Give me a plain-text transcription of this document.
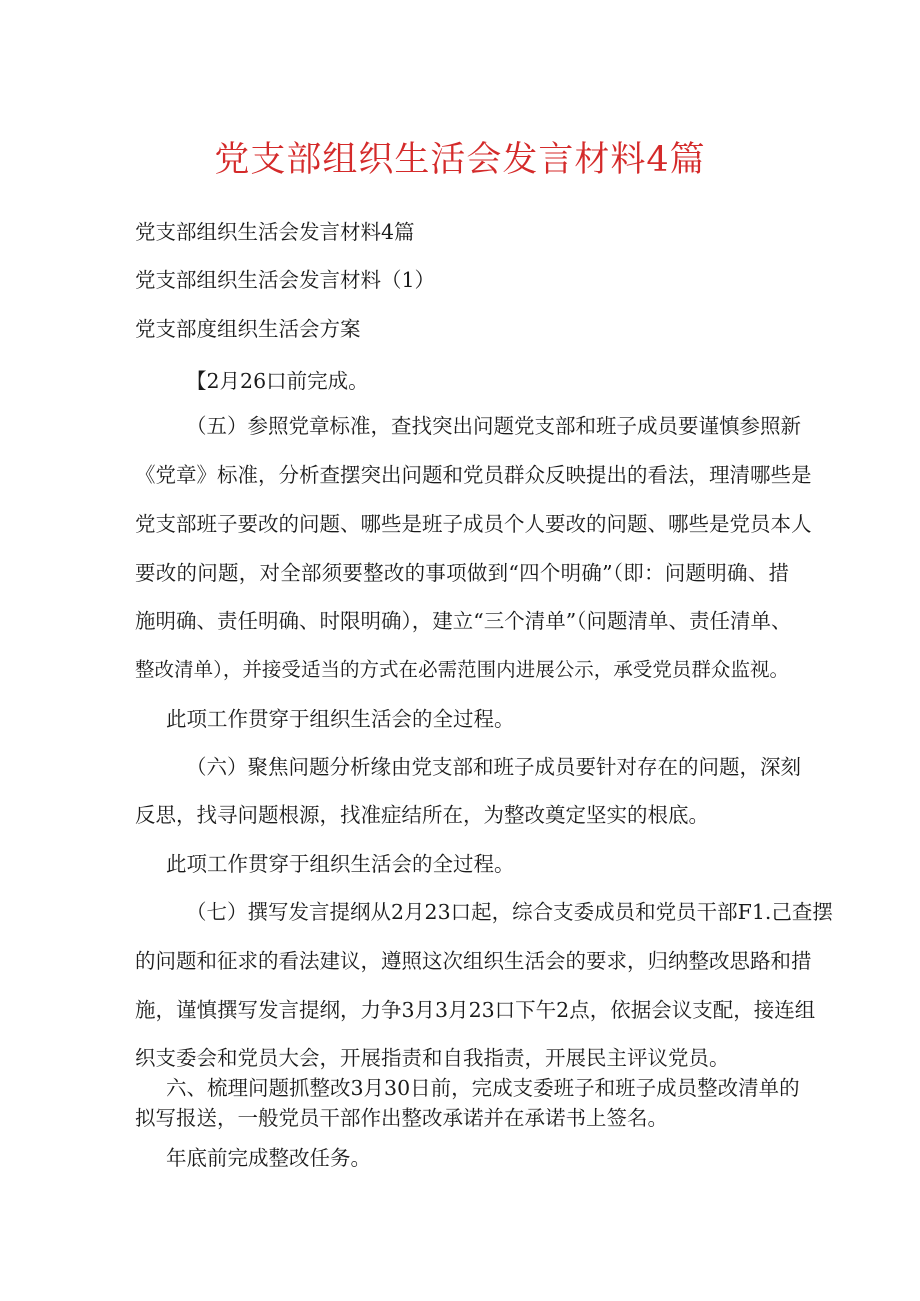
党支部组织生活会发言材料4篇
党支部组织生活会发言材料4篇
党支部组织生活会发言材料（1）
党支部度组织生活会方案
【2月26口前完成。
（五）参照党章标准，查找突出问题党支部和班子成员要谨慎参照新
《党章》标准，分析查摆突出问题和党员群众反映提出的看法，理清哪些是
党支部班子要改的问题、哪些是班子成员个人要改的问题、哪些是党员本人
要改的问题，对全部须要整改的事项做到“四个明确”（即：问题明确、措
施明确、责任明确、时限明确），建立“三个清单”（问题清单、责任清单、
整改清单），并接受适当的方式在必需范围内进展公示，承受党员群众监视。
此项工作贯穿于组织生活会的全过程。
（六）聚焦问题分析缘由党支部和班子成员要针对存在的问题，深刻
反思，找寻问题根源，找准症结所在，为整改奠定坚实的根底。
此项工作贯穿于组织生活会的全过程。
（七）撰写发言提纲从2月23口起，综合支委成员和党员干部F1.己查摆
的问题和征求的看法建议，遵照这次组织生活会的要求，归纳整改思路和措
施，谨慎撰写发言提纲，力争3月3月23口下午2点，依据会议支配，接连组
织支委会和党员大会，开展指责和自我指责，开展民主评议党员。
六、梳理问题抓整改3月30日前，完成支委班子和班子成员整改清单的
拟写报送，一般党员干部作出整改承诺并在承诺书上签名。
年底前完成整改任务。
